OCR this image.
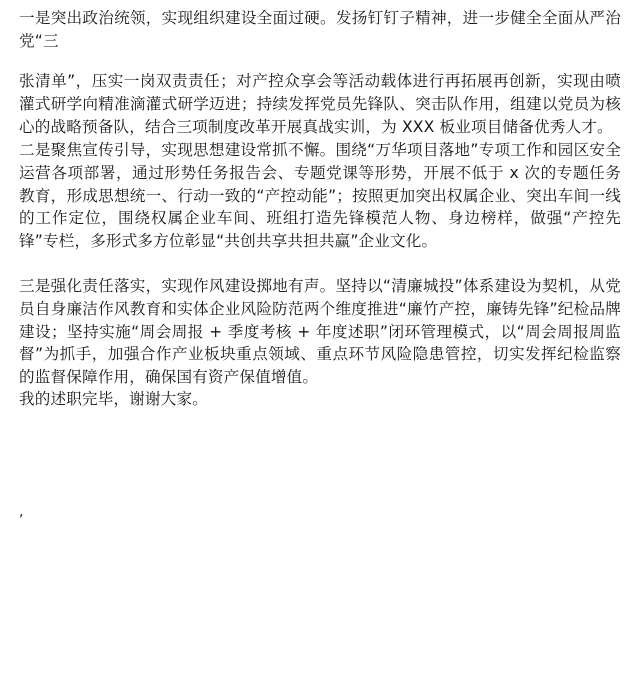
一是突出政治统领，实现组织建设全面过硬。发扬钉钉子精神，进一步健全全面从严治党“三

张清单”，压实一岗双责责任；对产控众享会等活动载体进行再拓展再创新，实现由喷灌式研学向精准滴灌式研学迈进；持续发挥党员先锋队、突击队作用，组建以党员为核心的战略预备队，结合三项制度改革开展真战实训，为 XXX 板业项目储备优秀人才。

二是聚焦宣传引导，实现思想建设常抓不懈。围绕“万华项目落地”专项工作和园区安全运营各项部署，通过形势任务报告会、专题党课等形势，开展不低于 x 次的专题任务教育，形成思想统一、行动一致的“产控动能”；按照更加突出权属企业、突出车间一线的工作定位，围绕权属企业车间、班组打造先锋模范人物、身边榜样，做强“产控先锋”专栏，多形式多方位彰显“共创共享共担共赢”企业文化。

三是强化责任落实，实现作风建设掷地有声。坚持以“清廉城投”体系建设为契机，从党员自身廉洁作风教育和实体企业风险防范两个维度推进“廉竹产控，廉铸先锋”纪检品牌建设；坚持实施“周会周报 + 季度考核 + 年度述职”闭环管理模式，以“周会周报周监督”为抓手，加强合作产业板块重点领域、重点环节风险隐患管控，切实发挥纪检监察的监督保障作用，确保国有资产保值增值。

我的述职完毕，谢谢大家。

,
